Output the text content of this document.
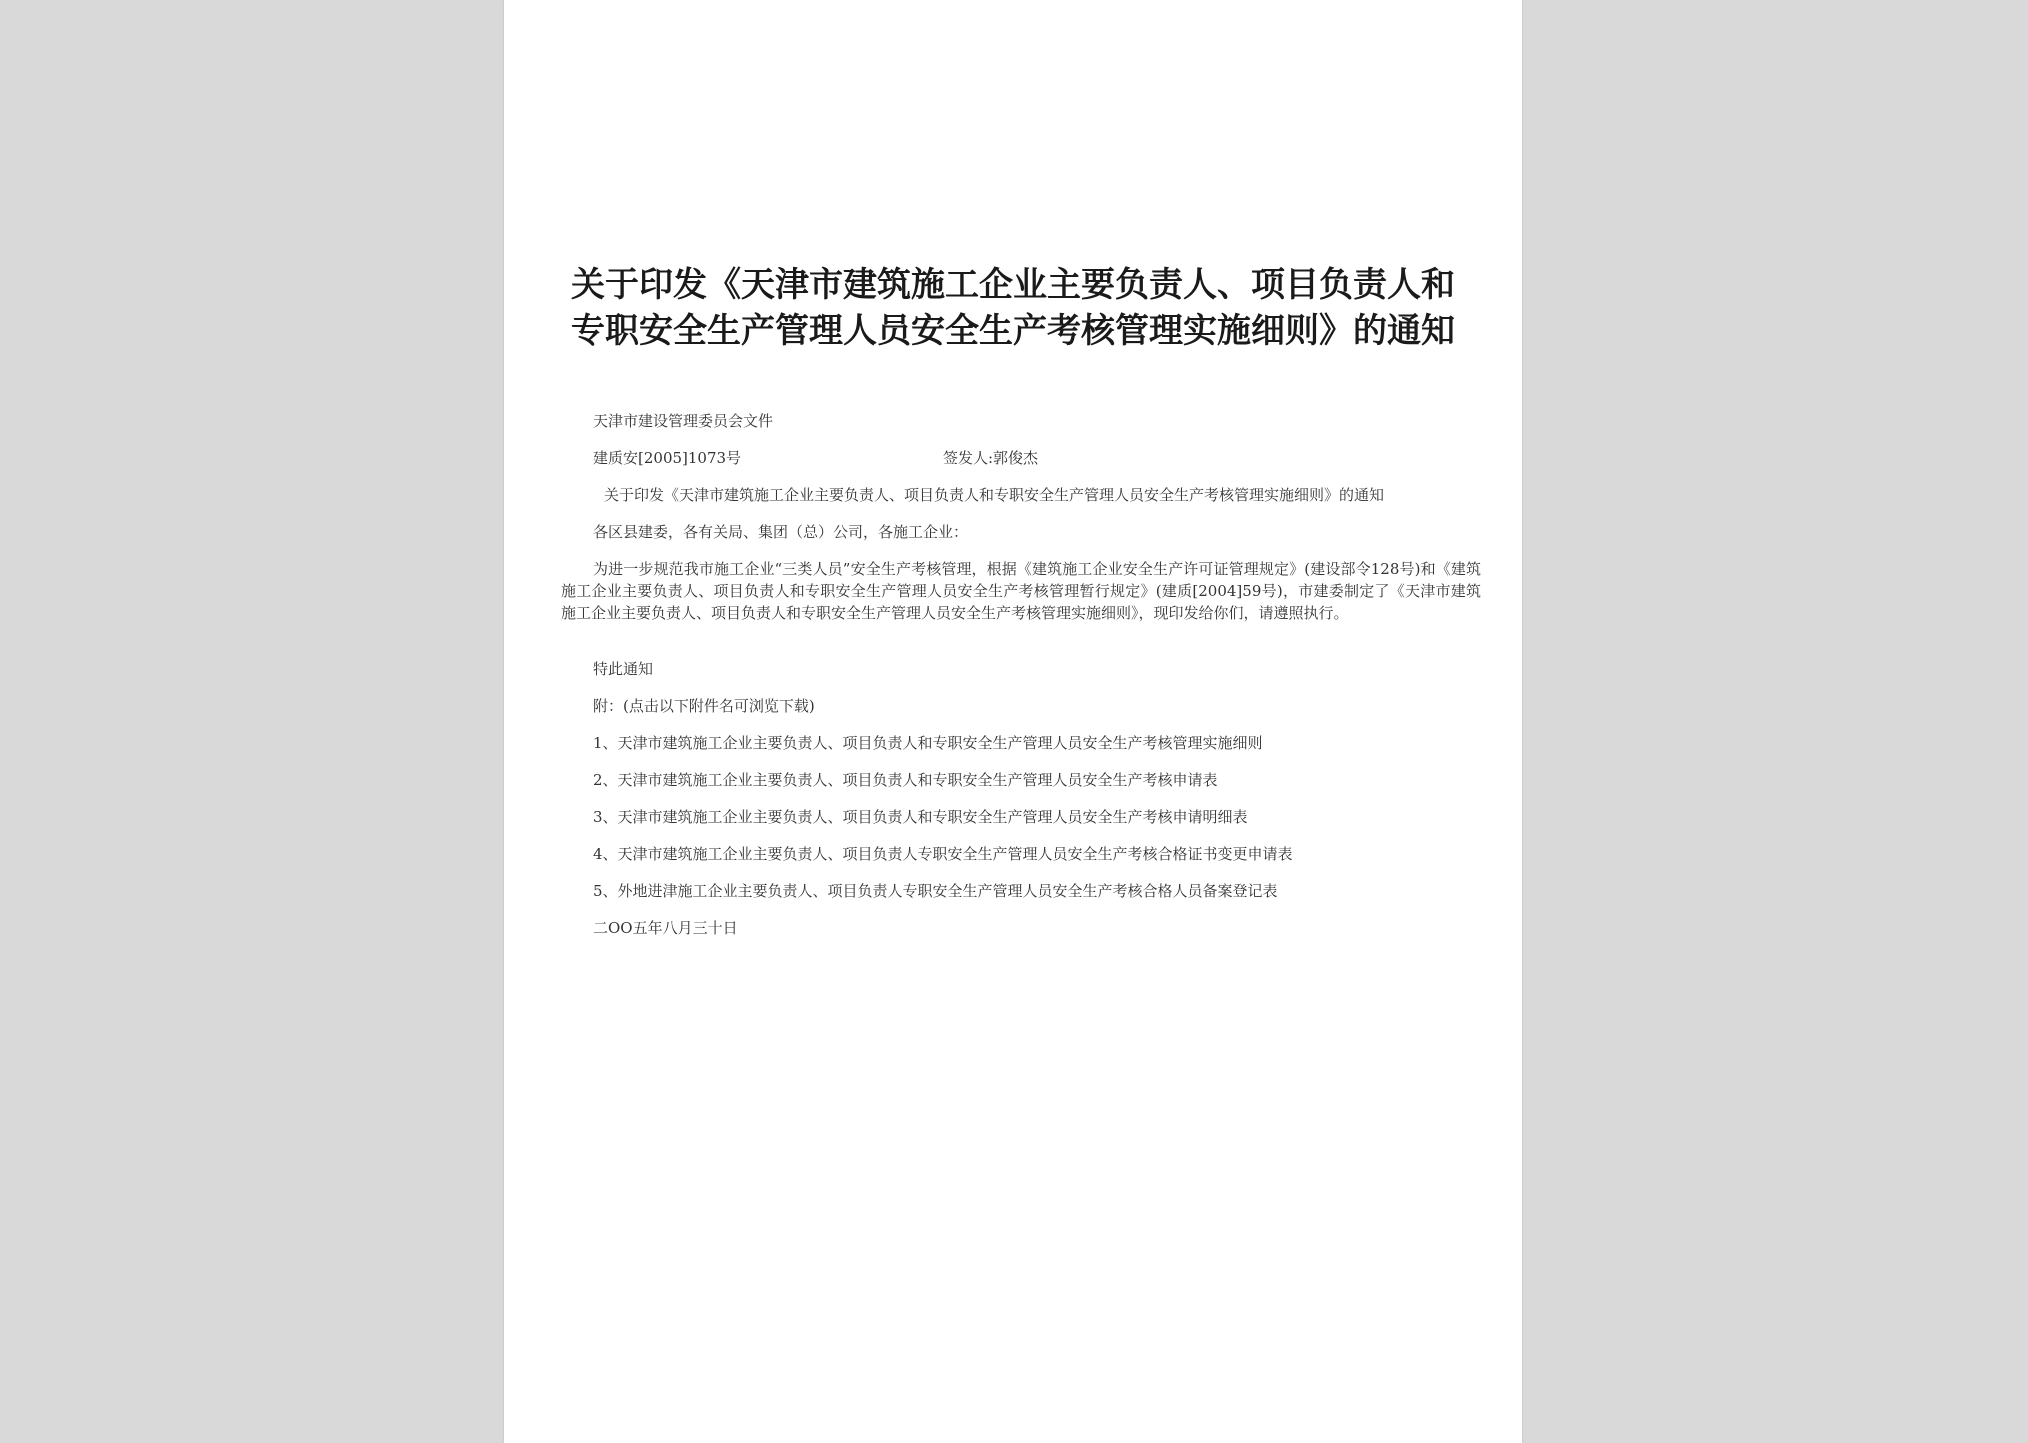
关于印发《天津市建筑施工企业主要负责人、项目负责人和专职安全生产管理人员安全生产考核管理实施细则》的通知
天津市建设管理委员会文件
建质安[2005]1073号	签发人:郭俊杰
关于印发《天津市建筑施工企业主要负责人、项目负责人和专职安全生产管理人员安全生产考核管理实施细则》的通知
各区县建委，各有关局、集团（总）公司，各施工企业：
为进一步规范我市施工企业“三类人员”安全生产考核管理，根据《建筑施工企业安全生产许可证管理规定》(建设部令128号)和《建筑施工企业主要负责人、项目负责人和专职安全生产管理人员安全生产考核管理暂行规定》(建质[2004]59号)，市建委制定了《天津市建筑施工企业主要负责人、项目负责人和专职安全生产管理人员安全生产考核管理实施细则》，现印发给你们，请遵照执行。
特此通知
附：(点击以下附件名可浏览下载)
1、天津市建筑施工企业主要负责人、项目负责人和专职安全生产管理人员安全生产考核管理实施细则
2、天津市建筑施工企业主要负责人、项目负责人和专职安全生产管理人员安全生产考核申请表
3、天津市建筑施工企业主要负责人、项目负责人和专职安全生产管理人员安全生产考核申请明细表
4、天津市建筑施工企业主要负责人、项目负责人专职安全生产管理人员安全生产考核合格证书变更申请表
5、外地进津施工企业主要负责人、项目负责人专职安全生产管理人员安全生产考核合格人员备案登记表
二OO五年八月三十日
